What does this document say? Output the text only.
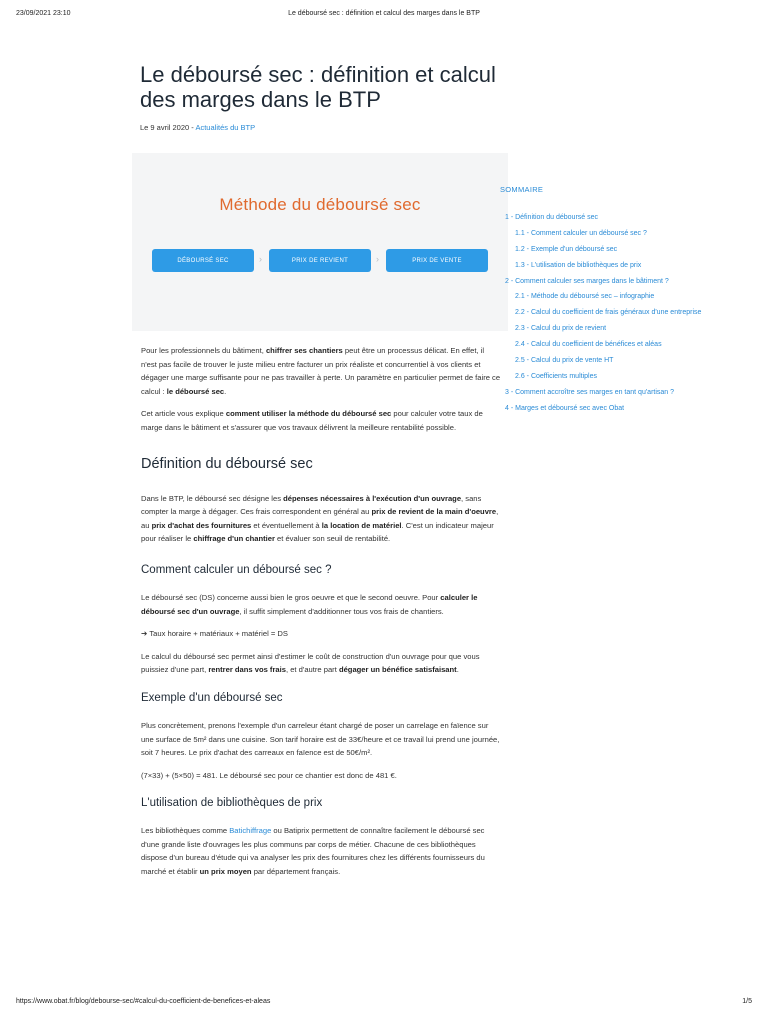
23/09/2021 23:10	Le déboursé sec : définition et calcul des marges dans le BTP
Le déboursé sec : définition et calcul des marges dans le BTP
Le 9 avril 2020 - Actualités du BTP
Méthode du déboursé sec
DÉBOURSÉ SEC	›	PRIX DE REVIENT	›	PRIX DE VENTE
SOMMAIRE
1 - Définition du déboursé sec
1.1 - Comment calculer un déboursé sec ?
1.2 - Exemple d'un déboursé sec
1.3 - L'utilisation de bibliothèques de prix
2 - Comment calculer ses marges dans le bâtiment ?
2.1 - Méthode du déboursé sec – infographie
2.2 - Calcul du coefficient de frais généraux d'une entreprise
2.3 - Calcul du prix de revient
2.4 - Calcul du coefficient de bénéfices et aléas
2.5 - Calcul du prix de vente HT
2.6 - Coefficients multiples
3 - Comment accroître ses marges en tant qu'artisan ?
4 - Marges et déboursé sec avec Obat

Pour les professionnels du bâtiment, chiffrer ses chantiers peut être un processus délicat. En effet, il n'est pas facile de trouver le juste milieu entre facturer un prix réaliste et concurrentiel à vos clients et dégager une marge suffisante pour ne pas travailler à perte. Un paramètre en particulier permet de faire ce calcul : le déboursé sec.

Cet article vous explique comment utiliser la méthode du déboursé sec pour calculer votre taux de marge dans le bâtiment et s'assurer que vos travaux délivrent la meilleure rentabilité possible.

Définition du déboursé sec

Dans le BTP, le déboursé sec désigne les dépenses nécessaires à l'exécution d'un ouvrage, sans compter la marge à dégager. Ces frais correspondent en général au prix de revient de la main d'oeuvre, au prix d'achat des fournitures et éventuellement à la location de matériel. C'est un indicateur majeur pour réaliser le chiffrage d'un chantier et évaluer son seuil de rentabilité.

Comment calculer un déboursé sec ?

Le déboursé sec (DS) concerne aussi bien le gros oeuvre et que le second oeuvre. Pour calculer le déboursé sec d'un ouvrage, il suffit simplement d'additionner tous vos frais de chantiers.

➔ Taux horaire + matériaux + matériel = DS

Le calcul du déboursé sec permet ainsi d'estimer le coût de construction d'un ouvrage pour que vous puissiez d'une part, rentrer dans vos frais, et d'autre part dégager un bénéfice satisfaisant.

Exemple d'un déboursé sec

Plus concrètement, prenons l'exemple d'un carreleur étant chargé de poser un carrelage en faïence sur une surface de 5m² dans une cuisine. Son tarif horaire est de 33€/heure et ce travail lui prend une journée, soit 7 heures. Le prix d'achat des carreaux en faïence est de 50€/m².

(7×33) + (5×50) = 481. Le déboursé sec pour ce chantier est donc de 481 €.

L'utilisation de bibliothèques de prix

Les bibliothèques comme Batichiffrage ou Batiprix permettent de connaître facilement le déboursé sec d'une grande liste d'ouvrages les plus communs par corps de métier. Chacune de ces bibliothèques dispose d'un bureau d'étude qui va analyser les prix des fournitures chez les différents fournisseurs du marché et établir un prix moyen par département français.

https://www.obat.fr/blog/debourse-sec/#calcul-du-coefficient-de-benefices-et-aleas	1/5
